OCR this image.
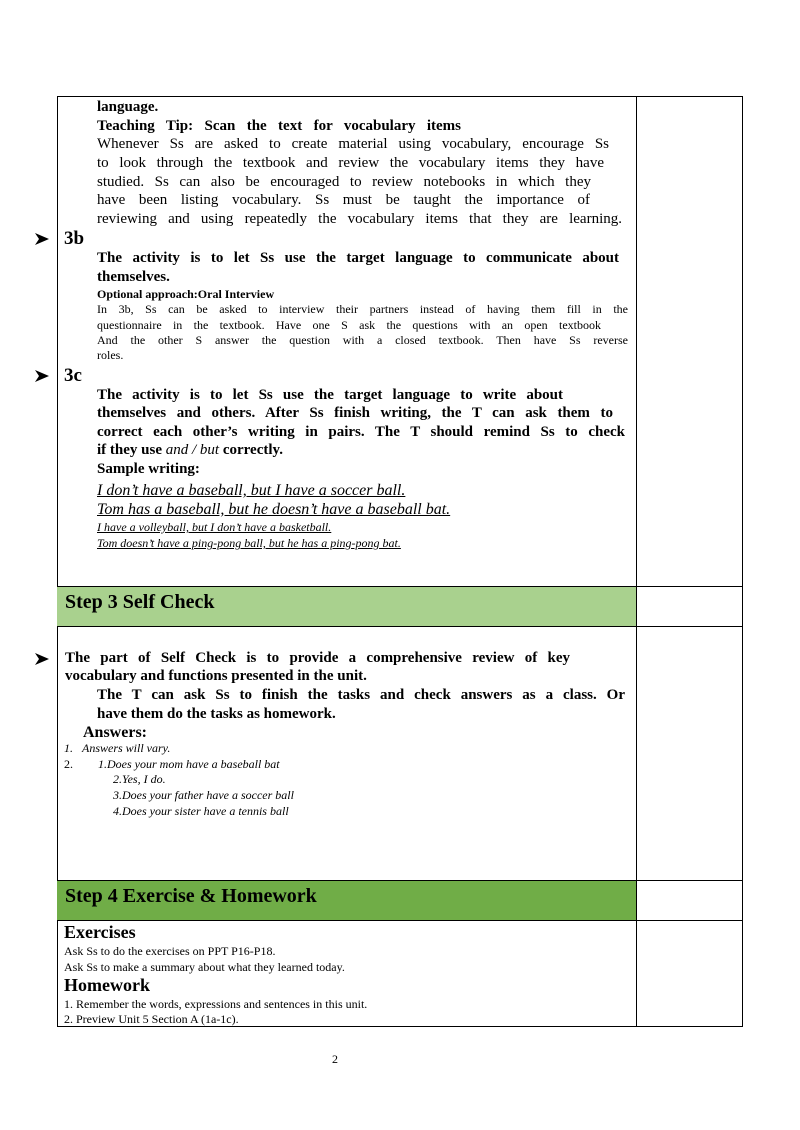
Step 3 Self Check
Step 4 Exercise & Homework
language.
Teaching Tip: Scan the text for vocabulary items
Whenever Ss are asked to create material using vocabulary, encourage Ss
to look through the textbook and review the vocabulary items they have
studied. Ss can also be encouraged to review notebooks in which they
have been listing vocabulary. Ss must be taught the importance of
reviewing and using repeatedly the vocabulary items that they are learning.
3b
The activity is to let Ss use the target language to communicate about
themselves.
Optional approach:Oral Interview
In 3b, Ss can be asked to interview their partners instead of having them fill in the
questionnaire in the textbook. Have one S ask the questions with an open textbook
And the other S answer the question with a closed textbook. Then have Ss reverse
roles.
3c
The activity is to let Ss use the target language to write about
themselves and others. After Ss finish writing, the T can ask them to
correct each other’s writing in pairs. The T should remind Ss to check
if they use and / but correctly.
Sample writing:
I don’t have a baseball, but I have a soccer ball.
Tom has a baseball, but he doesn’t have a baseball bat.
I have a volleyball, but I don’t have a basketball.
Tom doesn’t have a ping-pong ball, but he has a ping-pong bat.
The part of Self Check is to provide a comprehensive review of key
vocabulary and functions presented in the unit.
The T can ask Ss to finish the tasks and check answers as a class. Or
have them do the tasks as homework.
Answers:
1. Answers will vary.
2. 1.Does your mom have a baseball bat
2.Yes, I do.
3.Does your father have a soccer ball
4.Does your sister have a tennis ball
Exercises
Ask Ss to do the exercises on PPT P16-P18.
Ask Ss to make a summary about what they learned today.
Homework
1. Remember the words, expressions and sentences in this unit.
2. Preview Unit 5 Section A (1a-1c).
2
